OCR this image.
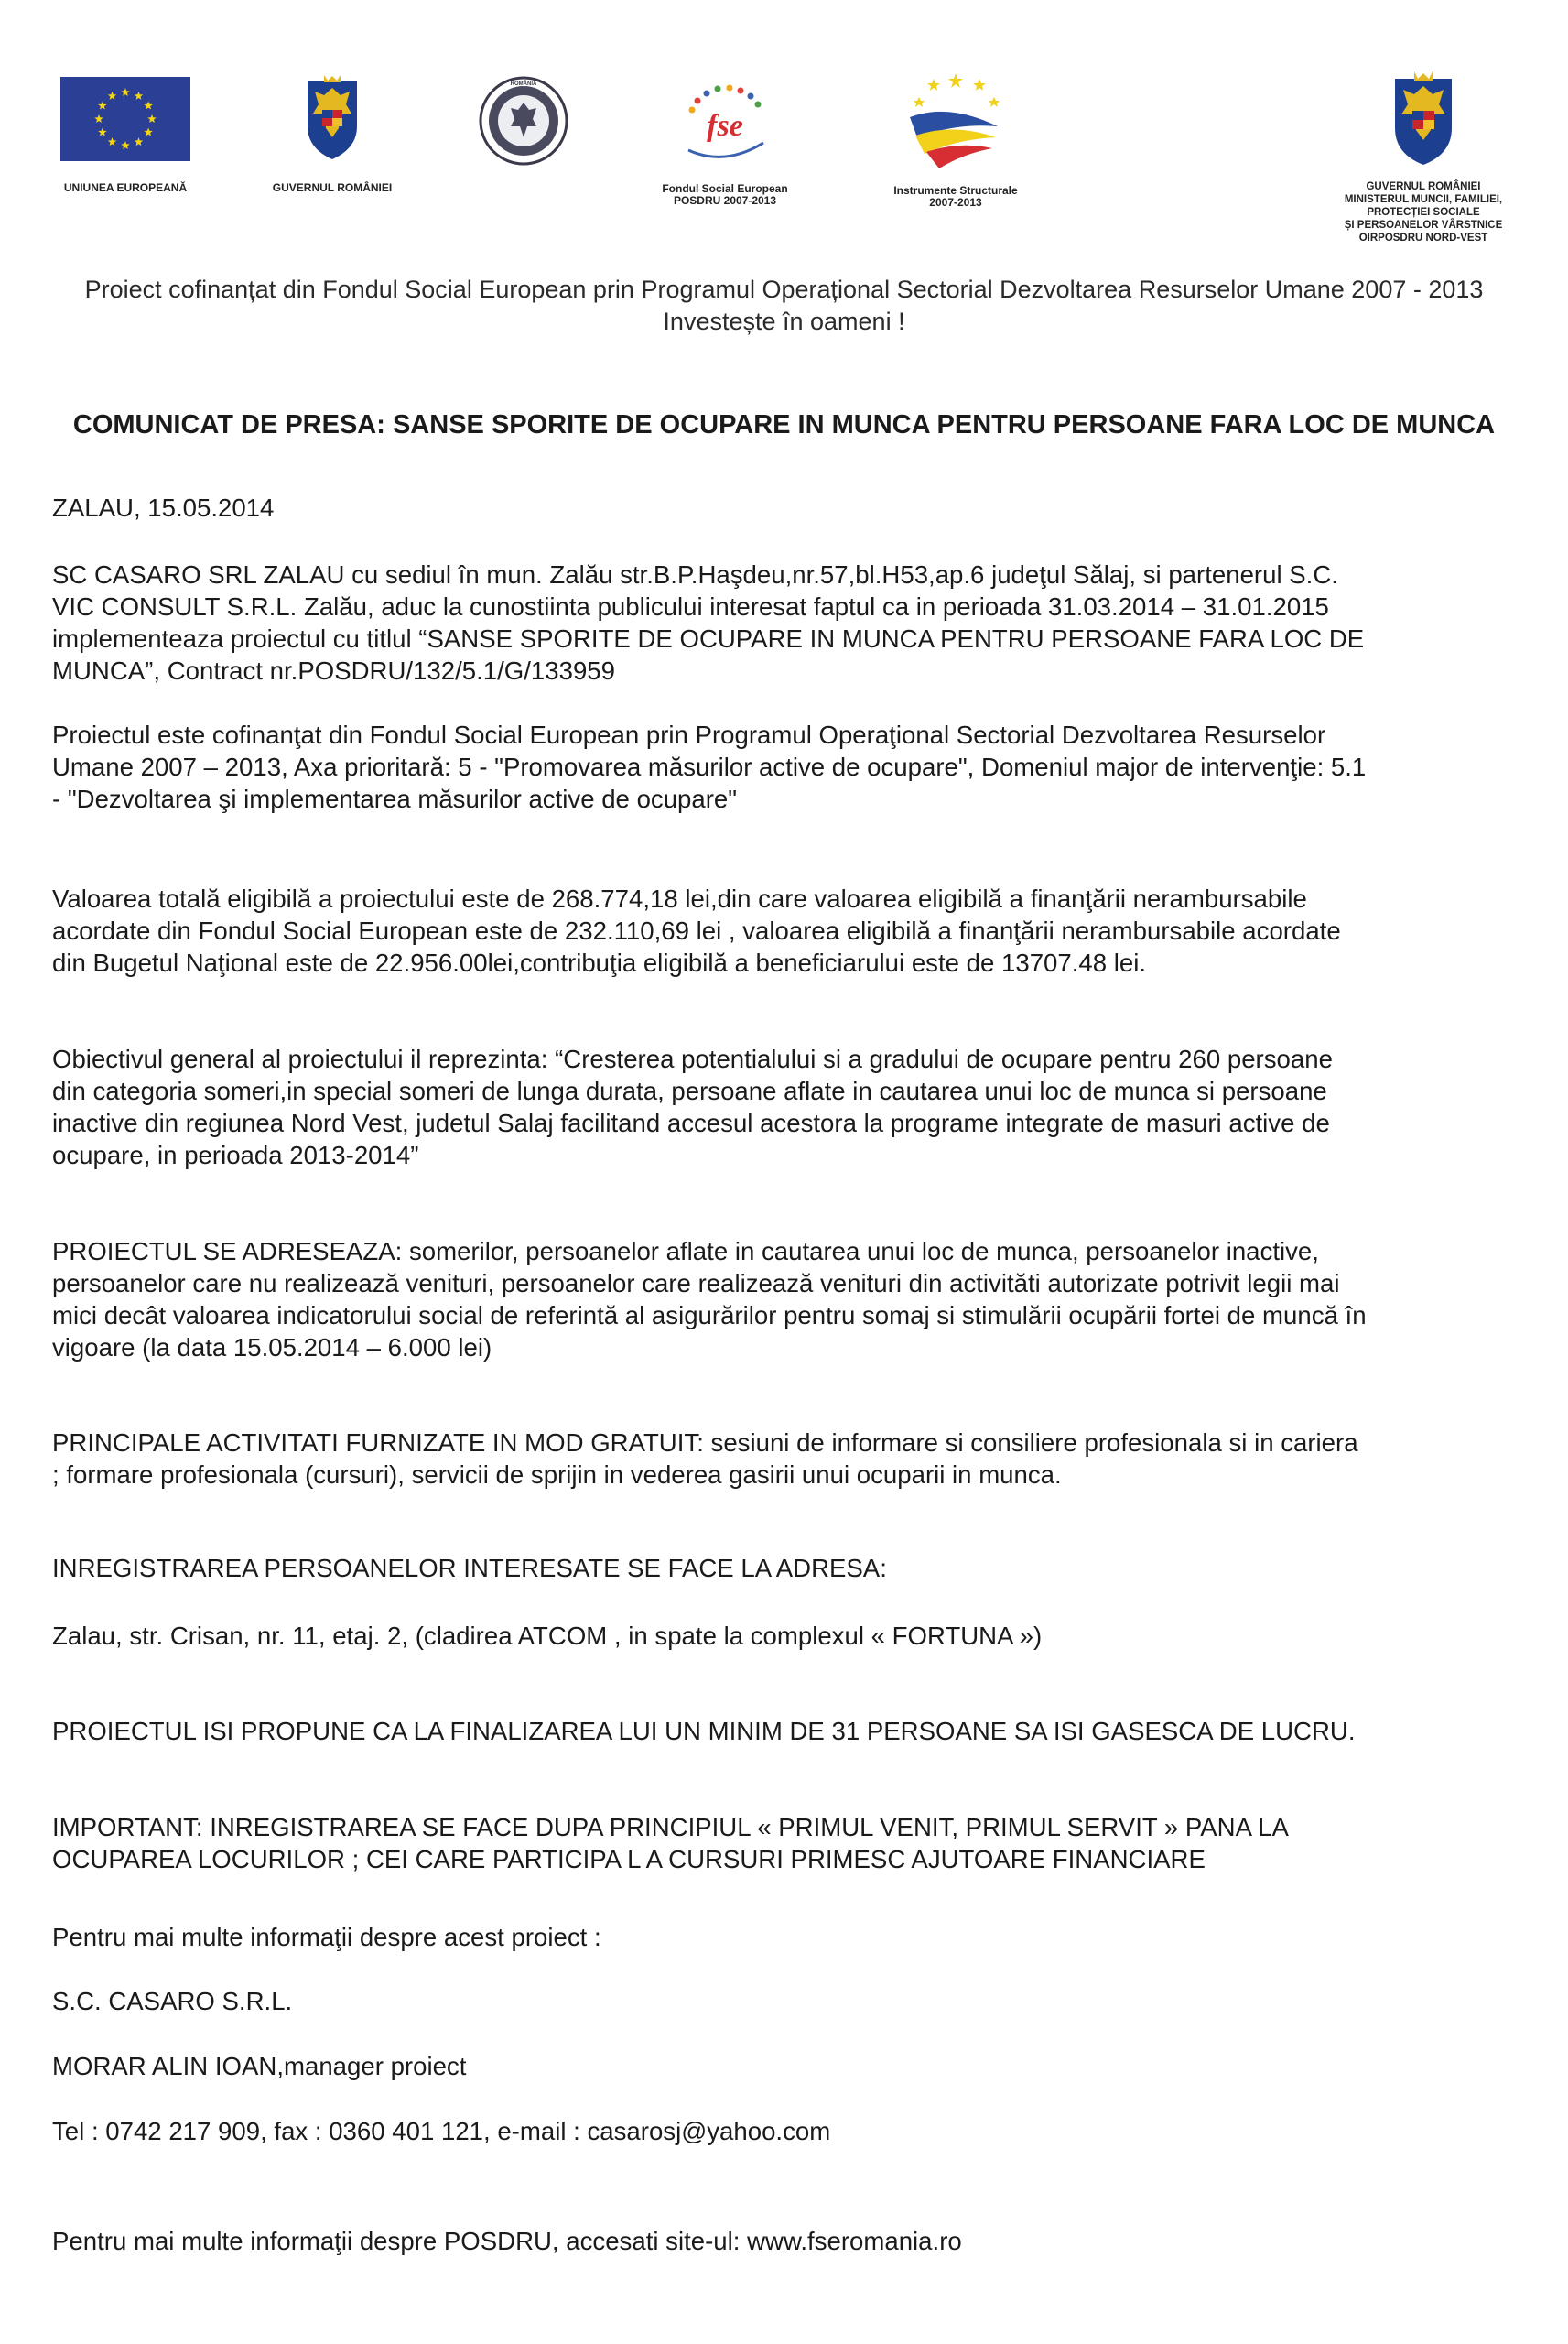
UNIUNEA EUROPEANĂ	GUVERNUL ROMÂNIEI
ROMÂNIA
fse
Fondul Social European
POSDRU 2007-2013
Instrumente Structurale
2007-2013
GUVERNUL ROMÂNIEI
MINISTERUL MUNCII, FAMILIEI,
PROTECȚIEI SOCIALE
ȘI PERSOANELOR VÂRSTNICE
OIRPOSDRU NORD-VEST
Proiect cofinanțat din Fondul Social European prin Programul Operațional Sectorial Dezvoltarea Resurselor Umane 2007 - 2013
Investește în oameni !
COMUNICAT DE PRESA: SANSE SPORITE DE OCUPARE IN MUNCA PENTRU PERSOANE FARA LOC DE MUNCA
ZALAU, 15.05.2014
SC CASARO SRL ZALAU cu sediul în mun. Zalău str.B.P.Haşdeu,nr.57,bl.H53,ap.6 judeţul Sălaj, si partenerul S.C.
VIC CONSULT S.R.L. Zalău, aduc la cunostiinta publicului interesat faptul ca in perioada 31.03.2014 – 31.01.2015
implementeaza proiectul cu titlul “SANSE SPORITE DE OCUPARE IN MUNCA PENTRU PERSOANE FARA LOC DE
MUNCA”, Contract nr.POSDRU/132/5.1/G/133959
Proiectul este cofinanţat din Fondul Social European prin Programul Operaţional Sectorial Dezvoltarea Resurselor
Umane 2007 – 2013, Axa prioritară: 5 - "Promovarea măsurilor active de ocupare", Domeniul major de intervenţie: 5.1
- "Dezvoltarea şi implementarea măsurilor active de ocupare"
Valoarea totală eligibilă a proiectului este de 268.774,18 lei,din care valoarea eligibilă a finanţării nerambursabile
acordate din Fondul Social European este de 232.110,69 lei , valoarea eligibilă a finanţării nerambursabile acordate
din Bugetul Naţional este de 22.956.00lei,contribuţia eligibilă a beneficiarului este de 13707.48 lei.
Obiectivul general al proiectului il reprezinta: “Cresterea potentialului si a gradului de ocupare pentru 260 persoane
din categoria someri,in special someri de lunga durata, persoane aflate in cautarea unui loc de munca si persoane
inactive din regiunea Nord Vest, judetul Salaj facilitand accesul acestora la programe integrate de masuri active de
ocupare, in perioada 2013-2014”
PROIECTUL SE ADRESEAZA: somerilor, persoanelor aflate in cautarea unui loc de munca, persoanelor inactive,
persoanelor care nu realizează venituri, persoanelor care realizează venituri din activităti autorizate potrivit legii mai
mici decât valoarea indicatorului social de referintă al asigurărilor pentru somaj si stimulării ocupării fortei de muncă în
vigoare (la data 15.05.2014 – 6.000 lei)
PRINCIPALE ACTIVITATI FURNIZATE IN MOD GRATUIT: sesiuni de informare si consiliere profesionala si in cariera
; formare profesionala (cursuri), servicii de sprijin in vederea gasirii unui ocuparii in munca.
INREGISTRAREA PERSOANELOR INTERESATE SE FACE LA ADRESA:
Zalau, str. Crisan, nr. 11, etaj. 2, (cladirea ATCOM , in spate la complexul « FORTUNA »)
PROIECTUL ISI PROPUNE CA LA FINALIZAREA LUI UN MINIM DE 31 PERSOANE SA ISI GASESCA DE LUCRU.
IMPORTANT: INREGISTRAREA SE FACE DUPA PRINCIPIUL « PRIMUL VENIT, PRIMUL SERVIT » PANA LA
OCUPAREA LOCURILOR ; CEI CARE PARTICIPA L A CURSURI PRIMESC AJUTOARE FINANCIARE
Pentru mai multe informaţii despre acest proiect :
S.C. CASARO S.R.L.
MORAR ALIN IOAN,manager proiect
Tel : 0742 217 909, fax : 0360 401 121, e-mail : casarosj@yahoo.com
Pentru mai multe informaţii despre POSDRU, accesati site-ul: www.fseromania.ro
